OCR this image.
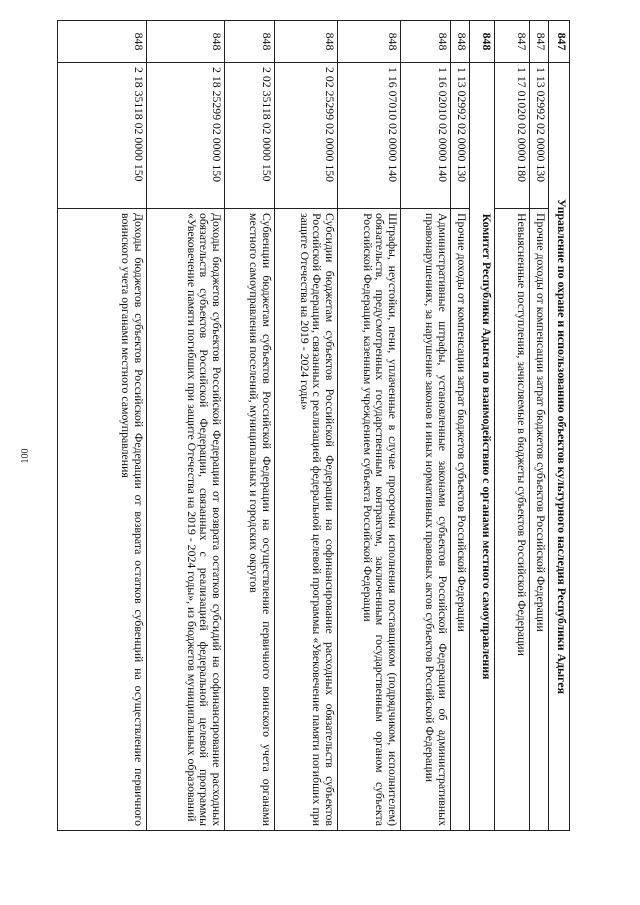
100
847	Управление по охране и использованию объектов культурного наследия Республики Адыгея	
847	1 13 02992 02 0000 130	Прочие доходы от компенсации затрат бюджетов субъектов Российской Федерации
847	1 17 01020 02 0000 180	Невыясненные поступления, зачисляемые в бюджеты субъектов Российской Федерации
848	Комитет Республики Адыгея по взаимодействию с органами местного самоуправления	
848	1 13 02992 02 0000 130	Прочие доходы от компенсации затрат бюджетов субъектов Российской Федерации
848	1 16 02010 02 0000 140	Административные штрафы, установленные законами субъектов Российской Федерации об административных правонарушениях, за нарушение законов и иных нормативных правовых актов субъектов Российской Федерации
848	1 16 07010 02 0000 140	Штрафы, неустойки, пени, уплаченные в случае просрочки исполнения поставщиком (подрядчиком, исполнителем) обязательств, предусмотренных государственным контрактом, заключенным государственным органом субъекта Российской Федерации, казенным учреждением субъекта Российской Федерации
848	2 02 25299 02 0000 150	Субсидии бюджетам субъектов Российской Федерации на софинансирование расходных обязательств субъектов Российской Федерации, связанных с реализацией федеральной целевой программы «Увековечение памяти погибших при защите Отечества на 2019 - 2024 годы»
848	2 02 35118 02 0000 150	Субвенции бюджетам субъектов Российской Федерации на осуществление первичного воинского учета органами местного самоуправления поселений, муниципальных и городских округов
848	2 18 25299 02 0000 150	Доходы бюджетов субъектов Российской Федерации от возврата остатков субсидий на софинансирование расходных обязательств субъектов Российской Федерации, связанных с реализацией федеральной целевой программы «Увековечение памяти погибших при защите Отечества на 2019 - 2024 годы», из бюджетов муниципальных образований
848	2 18 35118 02 0000 150	Доходы бюджетов субъектов Российской Федерации от возврата остатков субвенций на осуществление первичного воинского учета органами местного самоуправления
